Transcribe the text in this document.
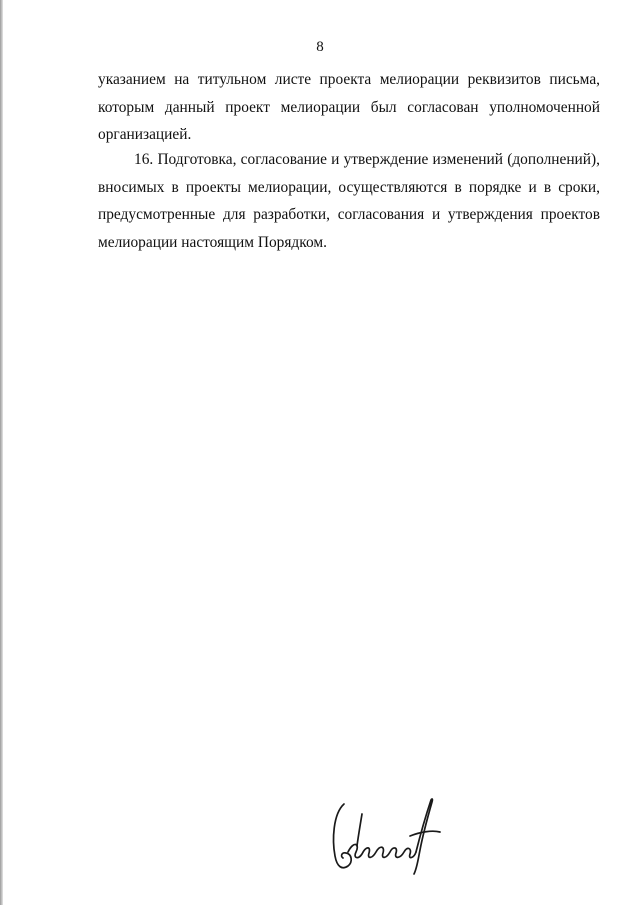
8
указанием на титульном листе проекта мелиорации реквизитов письма,
которым данный проект мелиорации был согласован уполномоченной
организацией.
16. Подготовка, согласование и утверждение изменений (дополнений),
вносимых в проекты мелиорации, осуществляются в порядке и в сроки,
предусмотренные для разработки, согласования и утверждения проектов
мелиорации настоящим Порядком.
